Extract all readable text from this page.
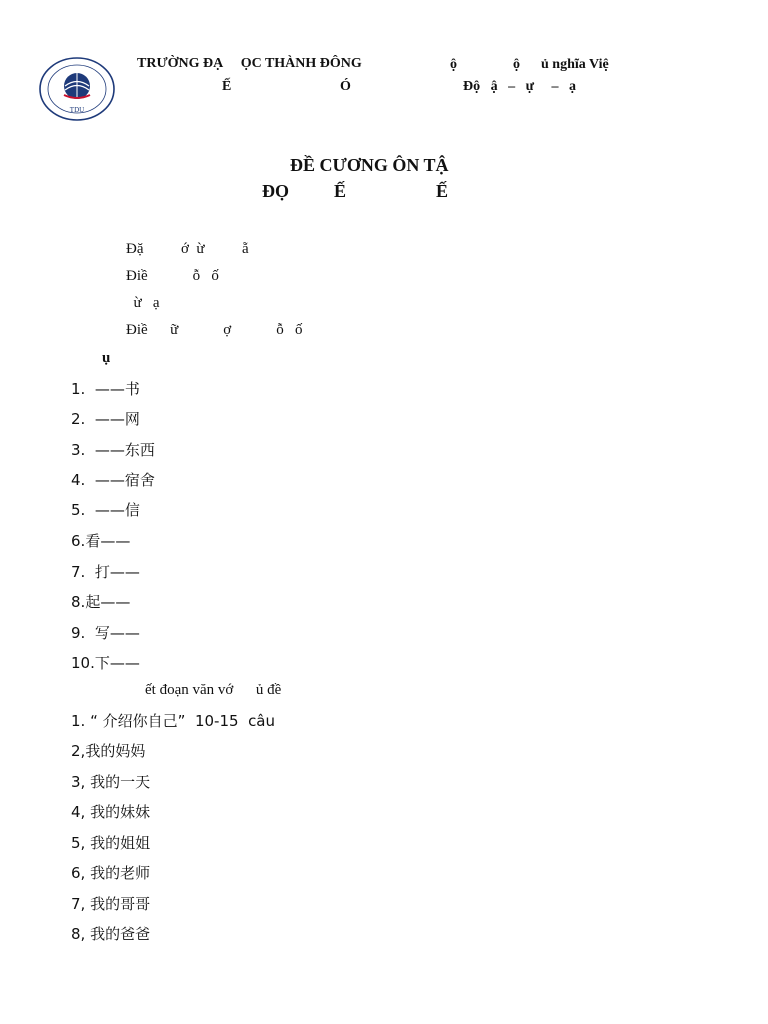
TDU
TRƯỜNG ĐẠ     ỌC THÀNH ĐÔNG	ộ                ộ      ủ nghĩa Việ
Ế	Ó	Độ   ậ   –   ự     –   ạ
ĐỀ CƯƠNG ÔN TẬ
ĐỌ          Ế                    Ế
Đặ          ớ  ừ          ẵ
Điề            ỗ   ố
ừ   ạ
Điề      ữ            ợ            ỗ   ố
ụ
1. ——书
2. ——网
3. ——东西
4. ——宿舍
5. ——信
6.看——
7. 打——
8.起——
9. 写——
10.下——
ết đoạn văn vớ      ủ đề
1. “ 介绍你自己”  10-15  câu
2,我的妈妈
3, 我的一天
4, 我的妹妹
5, 我的姐姐
6, 我的老师
7, 我的哥哥
8, 我的爸爸
